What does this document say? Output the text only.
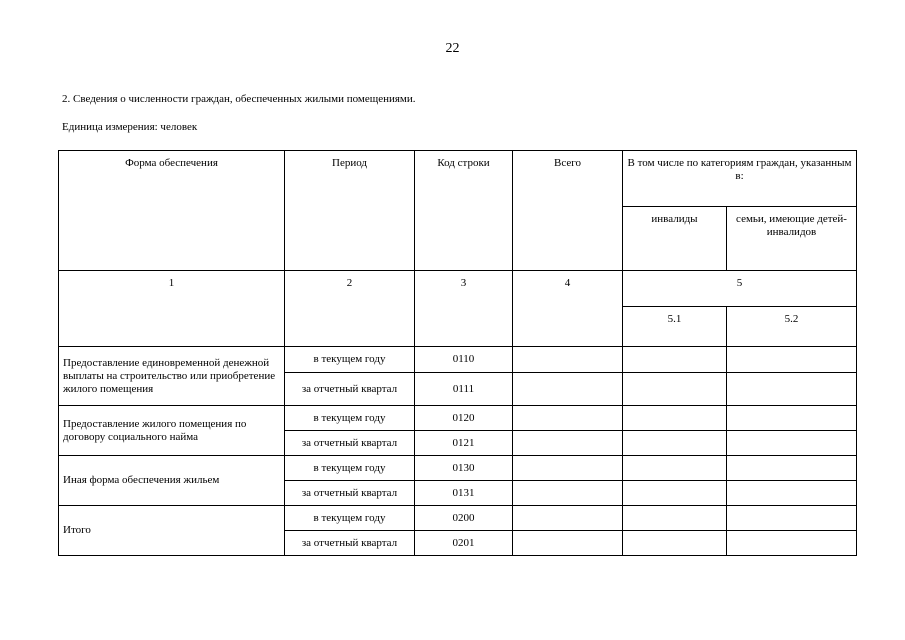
22
2. Сведения о численности граждан, обеспеченных жилыми помещениями.
Единица измерения: человек
Форма обеспечения	Период	Код строки	Всего	В том числе по категориям граждан, указанным в:	
				инвалиды	семьи, имеющие детей-инвалидов
1	2	3	4	5	
				5.1	5.2
Предоставление единовременной денежной выплаты на строительство или приобретение жилого помещения	в текущем году	0110			
	за отчетный квартал	0111			
Предоставление жилого помещения по договору социального найма	в текущем году	0120			
	за отчетный квартал	0121			
Иная форма обеспечения жильем	в текущем году	0130			
	за отчетный квартал	0131			
Итого	в текущем году	0200			
	за отчетный квартал	0201			
